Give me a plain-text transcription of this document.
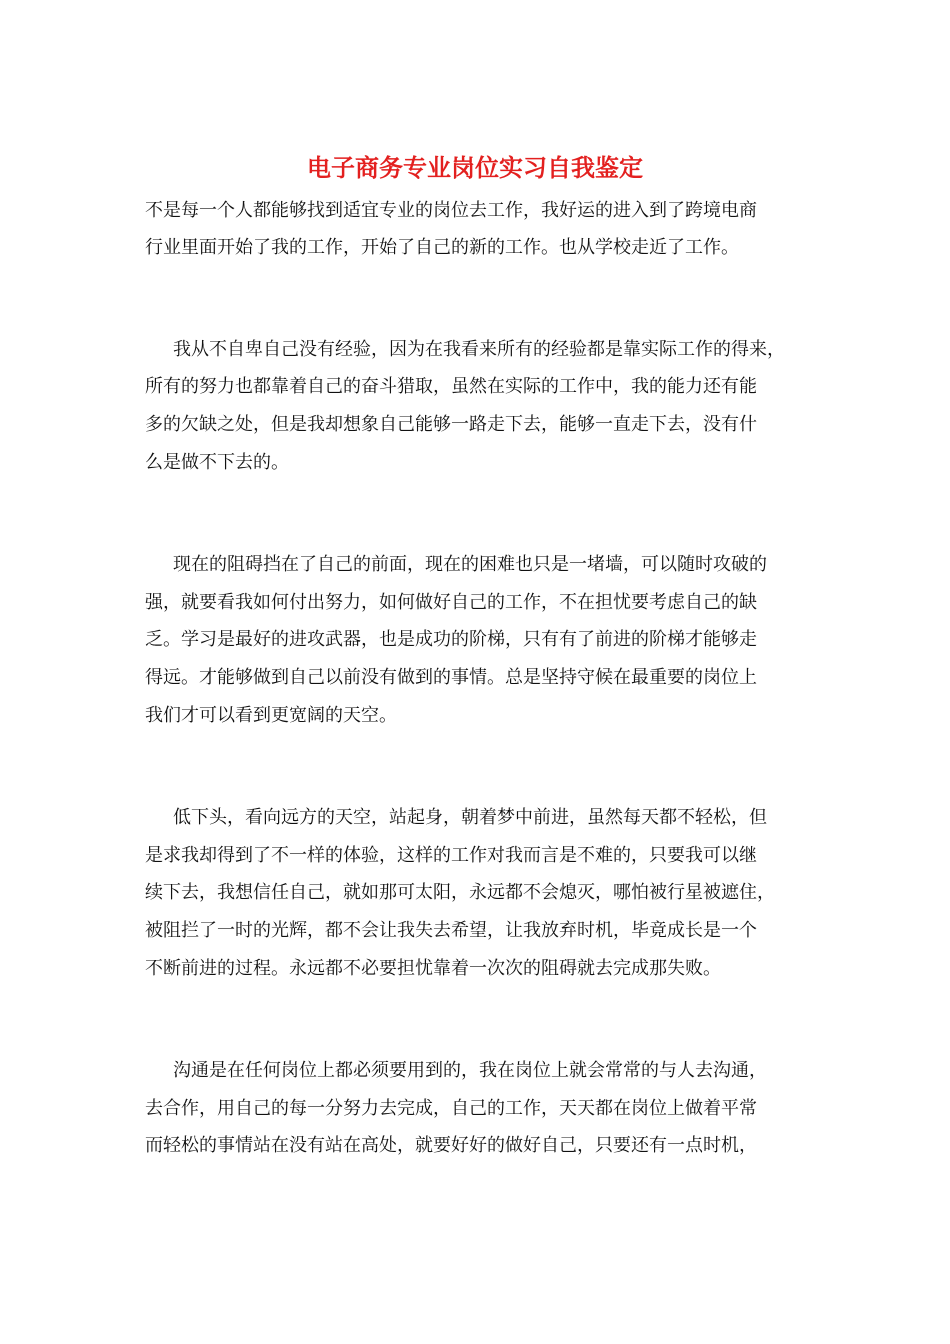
电子商务专业岗位实习自我鉴定

不是每一个人都能够找到适宜专业的岗位去工作，我好运的进入到了跨境电商

行业里面开始了我的工作，开始了自己的新的工作。也从学校走近了工作。

我从不自卑自己没有经验，因为在我看来所有的经验都是靠实际工作的得来，

所有的努力也都靠着自己的奋斗猎取，虽然在实际的工作中，我的能力还有能

多的欠缺之处，但是我却想象自己能够一路走下去，能够一直走下去，没有什

么是做不下去的。

现在的阻碍挡在了自己的前面，现在的困难也只是一堵墙，可以随时攻破的

强，就要看我如何付出努力，如何做好自己的工作，不在担忧要考虑自己的缺

乏。学习是最好的进攻武器，也是成功的阶梯，只有有了前进的阶梯才能够走

得远。才能够做到自己以前没有做到的事情。总是坚持守候在最重要的岗位上

我们才可以看到更宽阔的天空。

低下头，看向远方的天空，站起身，朝着梦中前进，虽然每天都不轻松，但

是求我却得到了不一样的体验，这样的工作对我而言是不难的，只要我可以继

续下去，我想信任自己，就如那可太阳，永远都不会熄灭，哪怕被行星被遮住，

被阻拦了一时的光辉，都不会让我失去希望，让我放弃时机，毕竟成长是一个

不断前进的过程。永远都不必要担忧靠着一次次的阻碍就去完成那失败。

沟通是在任何岗位上都必须要用到的，我在岗位上就会常常的与人去沟通，

去合作，用自己的每一分努力去完成，自己的工作，天天都在岗位上做着平常

而轻松的事情站在没有站在高处，就要好好的做好自己，只要还有一点时机，
